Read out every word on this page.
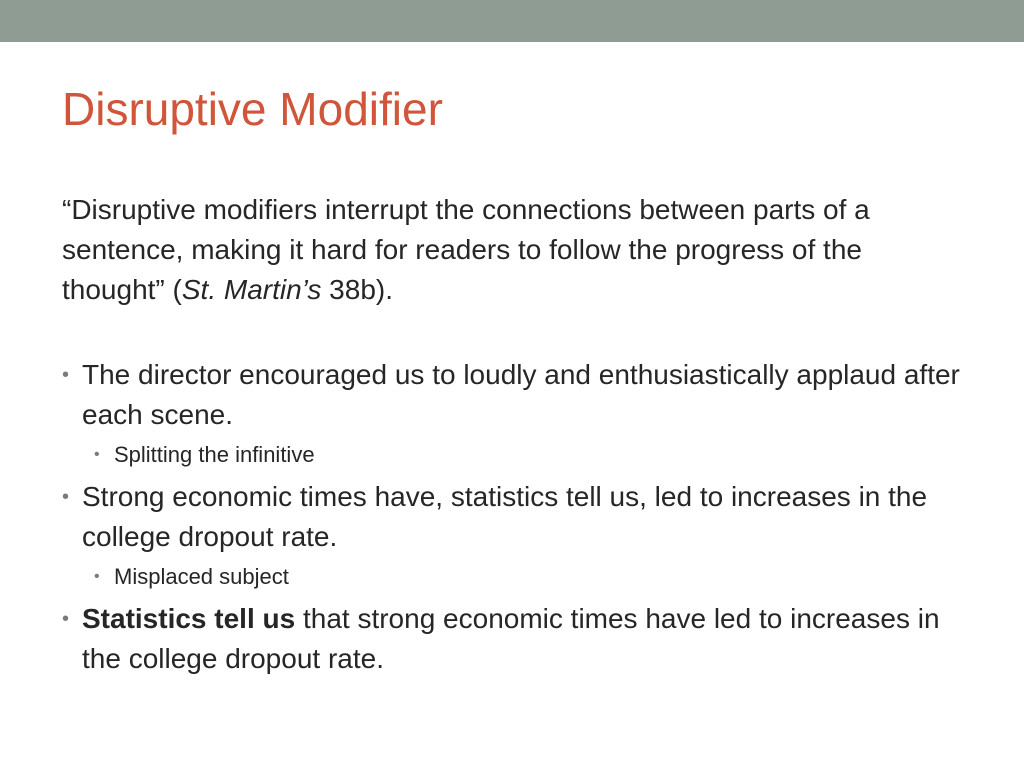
Disruptive Modifier

“Disruptive modifiers interrupt the connections between parts of a sentence, making it hard for readers to follow the progress of the thought” (St. Martin’s 38b).

• The director encouraged us to loudly and enthusiastically applaud after each scene.
• Splitting the infinitive
• Strong economic times have, statistics tell us, led to increases in the college dropout rate.
• Misplaced subject
• Statistics tell us that strong economic times have led to increases in the college dropout rate.
